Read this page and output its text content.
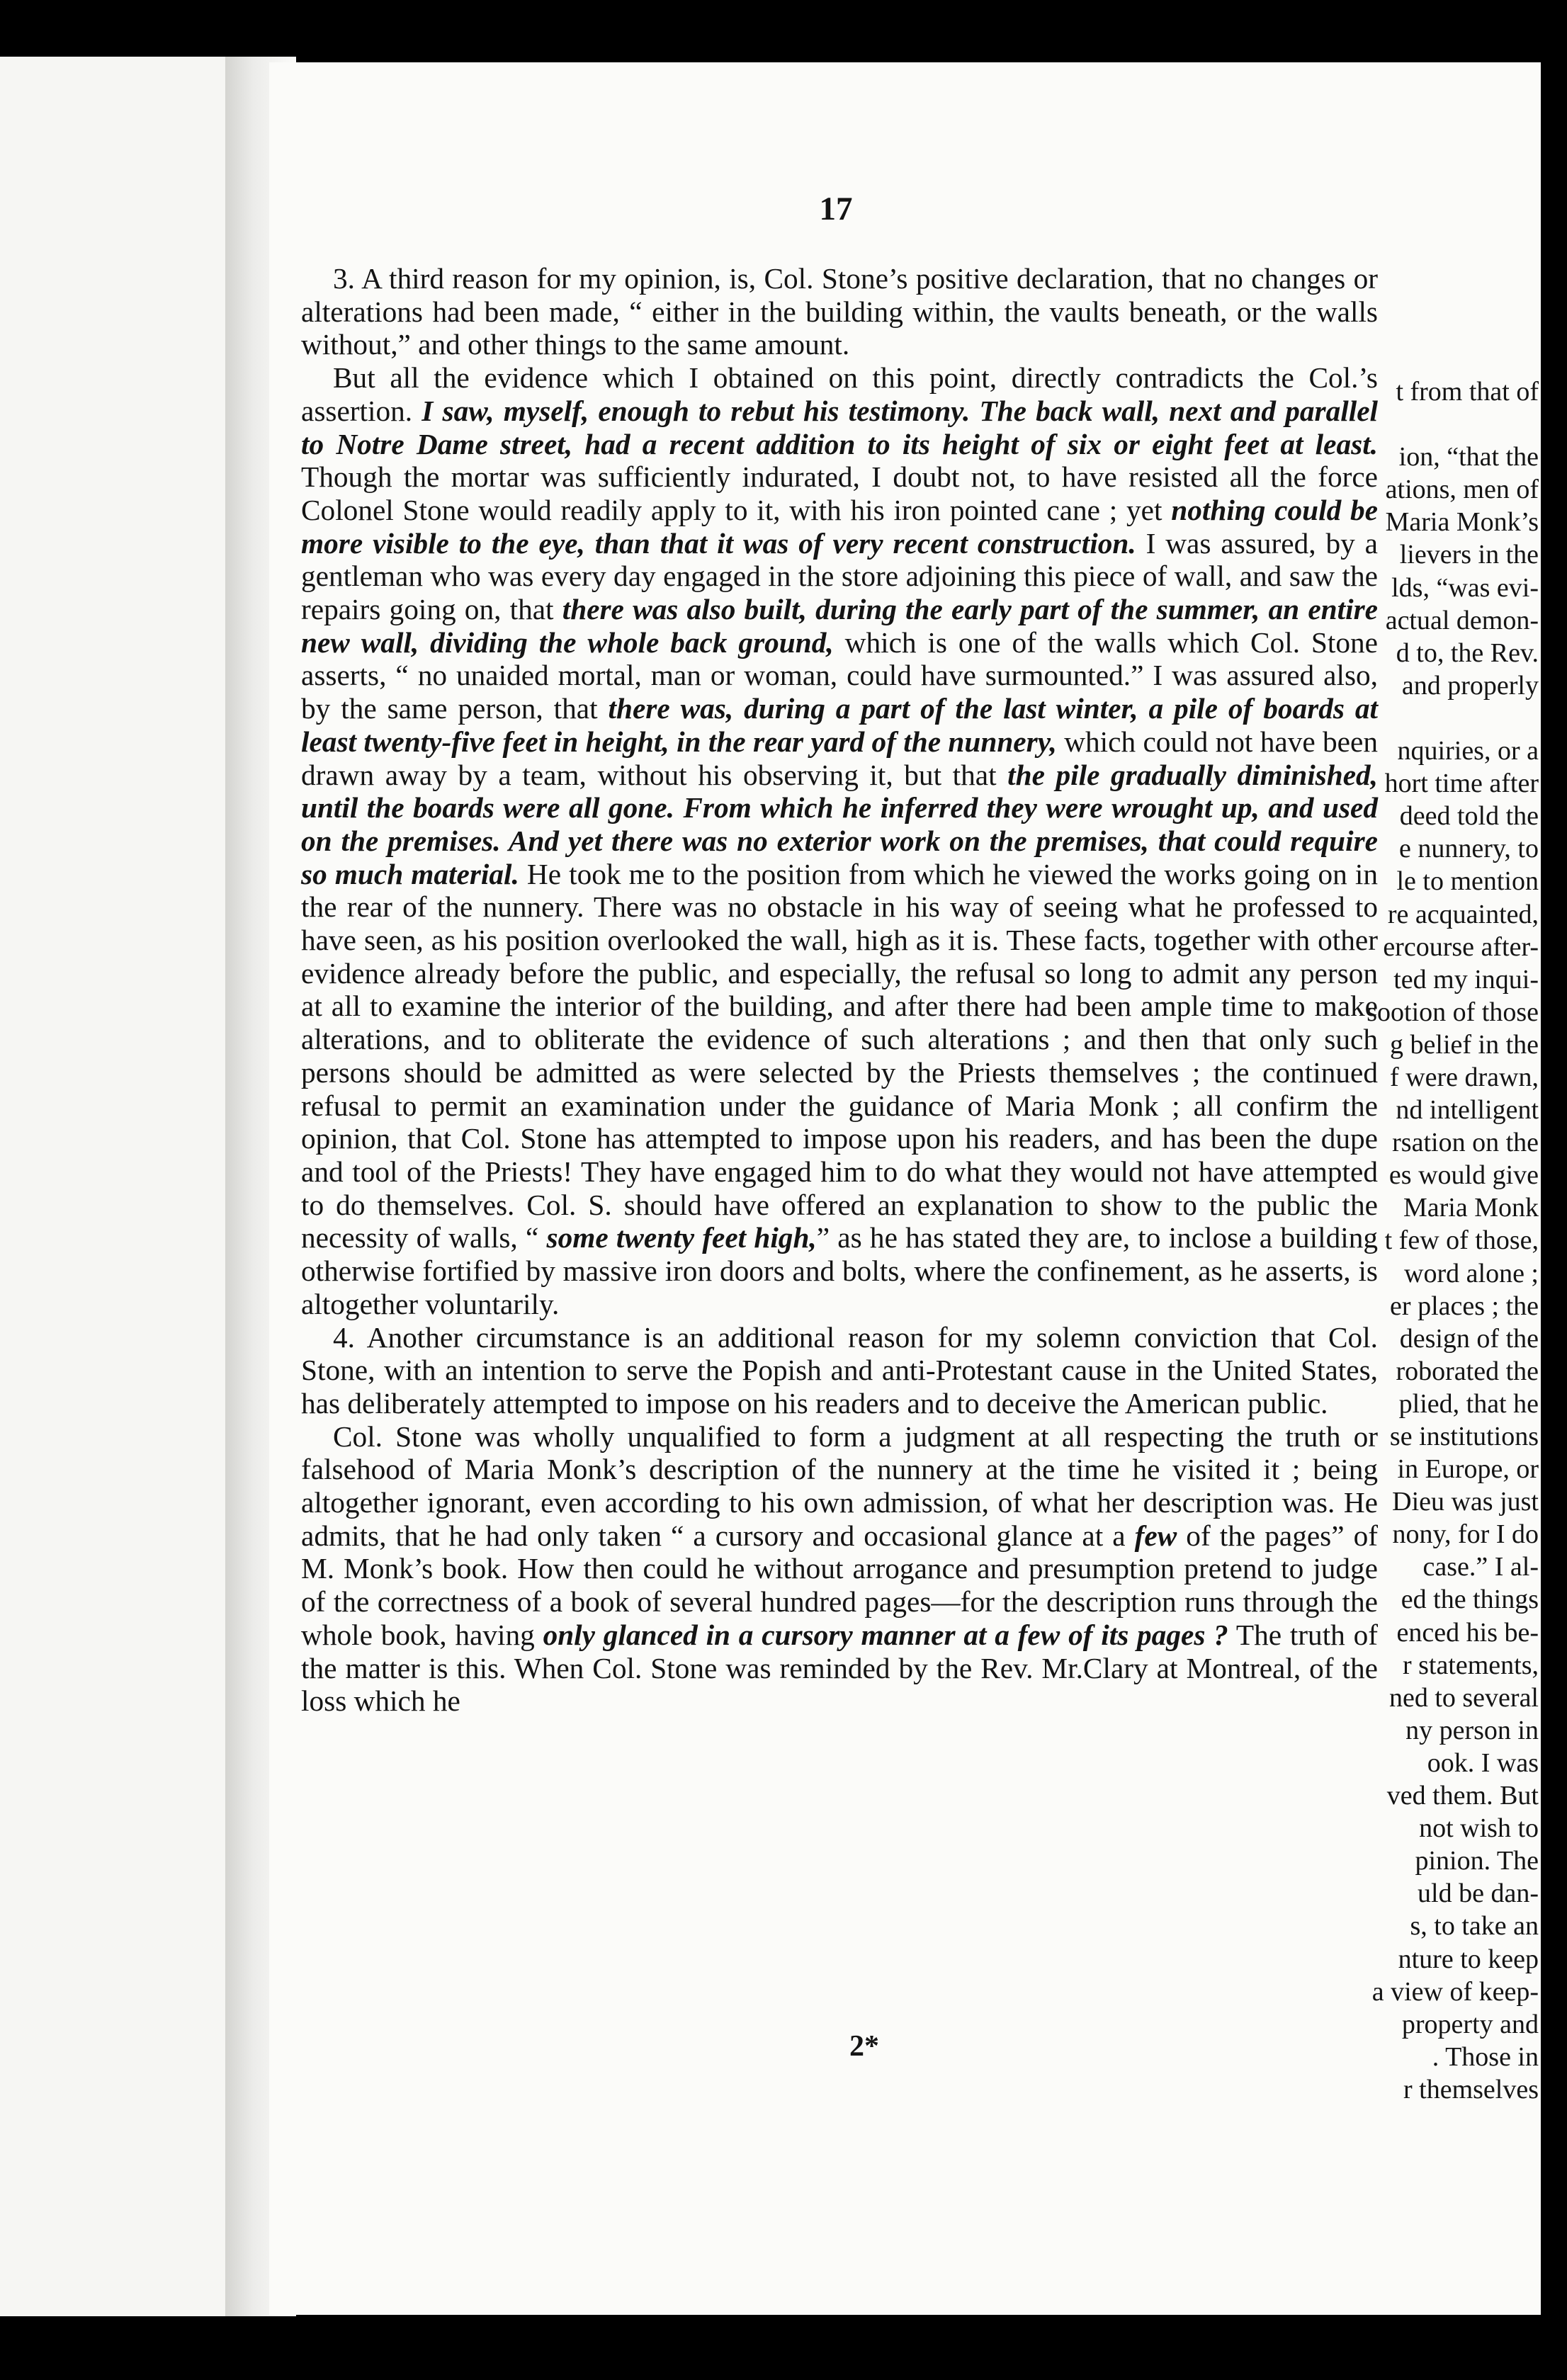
t from that of

ion, “that the
ations, men of
Maria Monk’s
lievers in the
lds, “was evi-
actual demon-
d to, the Rev.
and properly

nquiries, or a
hort time after
deed told the
e nunnery, to
le to mention
re acquainted,
ercourse after-
ted my inqui-
sootion of those
g belief in the
f were drawn,
nd intelligent
rsation on the
es would give
Maria Monk
t few of those,
word alone ;
er places ; the
design of the
roborated the
plied, that he
se institutions
in Europe, or
Dieu was just
nony, for I do
case.” I al-
ed the things
enced his be-
r statements,
ned to several
ny person in
ook. I was
ved them. But
not wish to
pinion. The
uld be dan-
s, to take an
nture to keep
a view of keep-
property and
. Those in
r themselves
17

3. A third reason for my opinion, is, Col. Stone’s positive declaration, that no changes or alterations had been made, “ either in the building within, the vaults beneath, or the walls without,” and other things to the same amount.

But all the evidence which I obtained on this point, directly contradicts the Col.’s assertion. I saw, myself, enough to rebut his testimony. The back wall, next and parallel to Notre Dame street, had a recent addition to its height of six or eight feet at least. Though the mortar was sufficiently indurated, I doubt not, to have resisted all the force Colonel Stone would readily apply to it, with his iron pointed cane ; yet nothing could be more visible to the eye, than that it was of very recent construction. I was assured, by a gentleman who was every day engaged in the store adjoining this piece of wall, and saw the repairs going on, that there was also built, during the early part of the summer, an entire new wall, dividing the whole back ground, which is one of the walls which Col. Stone asserts, “ no unaided mortal, man or woman, could have surmounted.” I was assured also, by the same person, that there was, during a part of the last winter, a pile of boards at least twenty-five feet in height, in the rear yard of the nunnery, which could not have been drawn away by a team, without his observing it, but that the pile gradually diminished, until the boards were all gone. From which he inferred they were wrought up, and used on the premises. And yet there was no exterior work on the premises, that could require so much material. He took me to the position from which he viewed the works going on in the rear of the nunnery. There was no obstacle in his way of seeing what he professed to have seen, as his position overlooked the wall, high as it is. These facts, together with other evidence already before the public, and especially, the refusal so long to admit any person at all to examine the interior of the building, and after there had been ample time to make alterations, and to obliterate the evidence of such alterations ; and then that only such persons should be admitted as were selected by the Priests themselves ; the continued refusal to permit an examination under the guidance of Maria Monk ; all confirm the opinion, that Col. Stone has attempted to impose upon his readers, and has been the dupe and tool of the Priests! They have engaged him to do what they would not have attempted to do themselves. Col. S. should have offered an explanation to show to the public the necessity of walls, “ some twenty feet high,” as he has stated they are, to inclose a building otherwise fortified by massive iron doors and bolts, where the confinement, as he asserts, is altogether voluntarily.

4. Another circumstance is an additional reason for my solemn conviction that Col. Stone, with an intention to serve the Popish and anti-Protestant cause in the United States, has deliberately attempted to impose on his readers and to deceive the American public.

Col. Stone was wholly unqualified to form a judgment at all respecting the truth or falsehood of Maria Monk’s description of the nunnery at the time he visited it ; being altogether ignorant, even according to his own admission, of what her description was. He admits, that he had only taken “ a cursory and occasional glance at a few of the pages” of M. Monk’s book. How then could he without arrogance and presumption pretend to judge of the correctness of a book of several hundred pages—for the description runs through the whole book, having only glanced in a cursory manner at a few of its pages ? The truth of the matter is this. When Col. Stone was reminded by the Rev. Mr.Clary at Montreal, of the loss which he

2*
